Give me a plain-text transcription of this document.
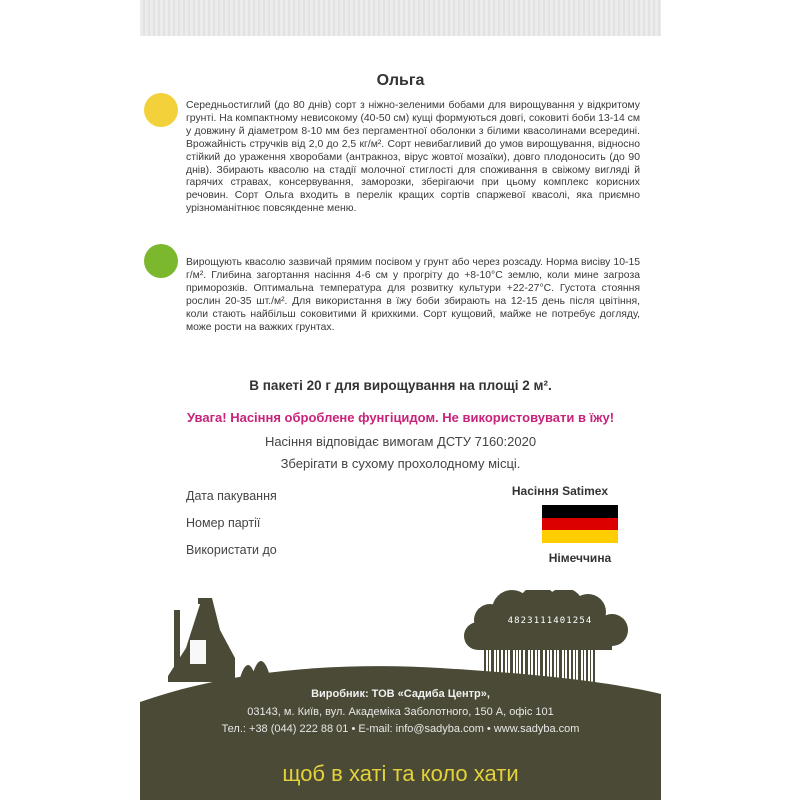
Ольга
Середньостиглий (до 80 днів) сорт з ніжно-зеленими бобами для вирощування у відкритому грунті. На компактному невисокому (40-50 см) кущі формуються довгі, соковиті боби 13-14 см у довжину й діаметром 8-10 мм без пергаментної оболонки з білими квасолинами всередині. Врожайність стручків від 2,0 до 2,5 кг/м². Сорт невибагливий до умов вирощування, відносно стійкий до ураження хворобами (антракноз, вірус жовтої мозаїки), довго плодоносить (до 90 днів). Збирають квасолю на стадії молочної стиглості для споживання в свіжому вигляді й гарячих стравах, консервування, заморозки, зберігаючи при цьому комплекс корисних речовин. Сорт Ольга входить в перелік кращих сортів спаржевої квасолі, яка приємно урізноманітнює повсякденне меню.
Вирощують квасолю зазвичай прямим посівом у грунт або через розсаду. Норма висіву 10-15 г/м². Глибина загортання насіння 4-6 см у прогріту до +8-10°С землю, коли мине загроза приморозків. Оптимальна температура для розвитку культури +22-27°С. Густота стояння рослин 20-35 шт./м². Для використання в їжу боби збирають на 12-15 день після цвітіння, коли стають найбільш соковитими й крихкими. Сорт кущовий, майже не потребує догляду, може рости на важких грунтах.
В пакеті 20 г для вирощування на площі 2 м².
Увага! Насіння оброблене фунгіцидом. Не використовувати в їжу!
Насіння відповідає вимогам ДСТУ 7160:2020
Зберігати в сухому прохолодному місці.
Дата пакування
Номер партії
Використати до
Насіння Satimex
Німеччина
4823111401254
Виробник: ТОВ «Садиба Центр»,
03143, м. Київ, вул. Академіка Заболотного, 150 А, офіс 101
Тел.: +38 (044) 222 88 01 • E-mail: info@sadyba.com • www.sadyba.com
щоб в хаті та коло хати
